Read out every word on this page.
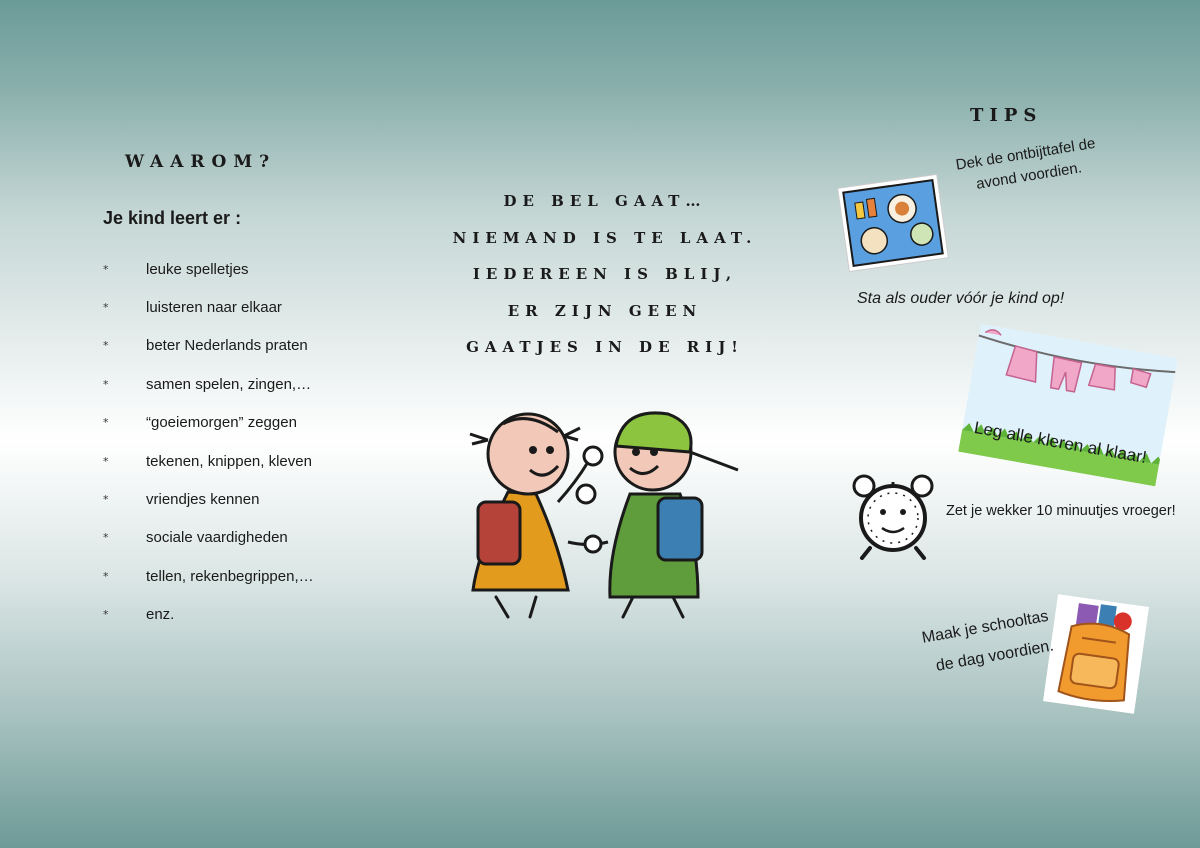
WAAROM?
Je kind leert er :
*	leuke spelletjes
*	luisteren naar elkaar
*	beter Nederlands praten
*	samen spelen, zingen,…
*	“goeiemorgen” zeggen
*	tekenen, knippen, kleven
*	vriendjes kennen
*	sociale vaardigheden
*	tellen, rekenbegrippen,…
*	enz.
DE BEL GAAT…
NIEMAND IS TE LAAT.
IEDEREEN IS BLIJ,
ER ZIJN GEEN
GAATJES IN DE RIJ!
TIPS
Dek de ontbijttafel de avond voordien.
Sta als ouder vóór je kind op!
Leg alle kleren al klaar!
Zet je wekker 10 minuutjes vroeger!
Maak je schooltas de dag voordien.
